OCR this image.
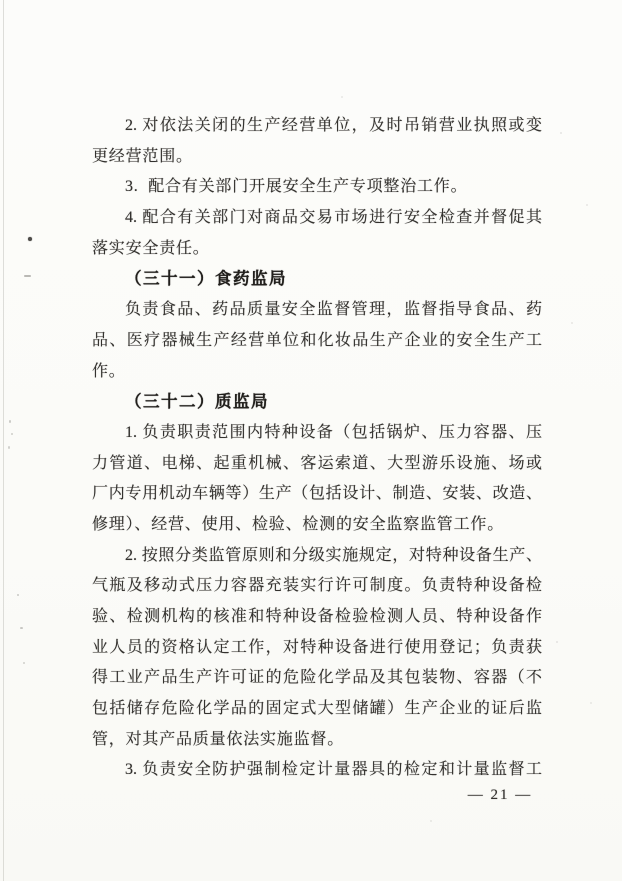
2. 对依法关闭的生产经营单位，及时吊销营业执照或变
更经营范围。
3.  配合有关部门开展安全生产专项整治工作。
4. 配合有关部门对商品交易市场进行安全检查并督促其
落实安全责任。
（三十一）食药监局
负责食品、药品质量安全监督管理，监督指导食品、药
品、医疗器械生产经营单位和化妆品生产企业的安全生产工
作。
（三十二）质监局
1. 负责职责范围内特种设备（包括锅炉、压力容器、压
力管道、电梯、起重机械、客运索道、大型游乐设施、场或
厂内专用机动车辆等）生产（包括设计、制造、安装、改造、
修理）、经营、使用、检验、检测的安全监察监管工作。
2. 按照分类监管原则和分级实施规定，对特种设备生产、
气瓶及移动式压力容器充装实行许可制度。负责特种设备检
验、检测机构的核准和特种设备检验检测人员、特种设备作
业人员的资格认定工作，对特种设备进行使用登记；负责获
得工业产品生产许可证的危险化学品及其包装物、容器（不
包括储存危险化学品的固定式大型储罐）生产企业的证后监
管，对其产品质量依法实施监督。
3. 负责安全防护强制检定计量器具的检定和计量监督工
— 21 —
